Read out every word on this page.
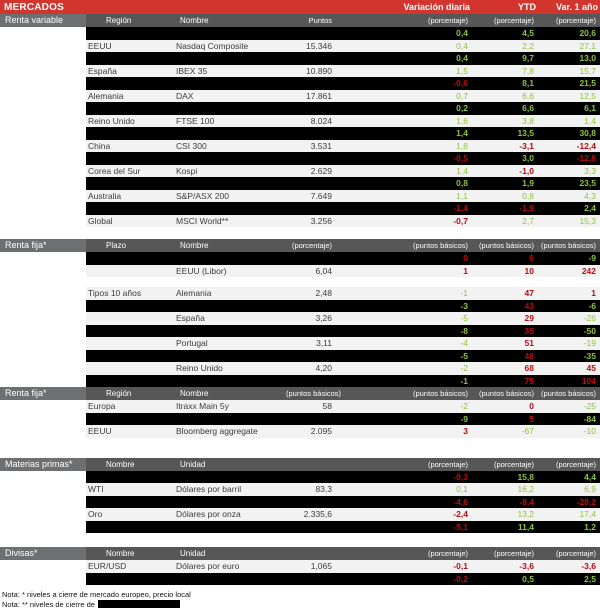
MERCADOS	Variación diaria	YTD	Var. 1 año
Renta variable	Región	Nombre	Puntos	(porcentaje)	(porcentaje)	(porcentaje)
0,4	4,5	20,6
EEUU	Nasdaq Composite	15.346	0,4	2,2	27,1
0,4	9,7	13,0
España	IBEX 35	10.890	1,5	7,8	15,7
-0,6	8,1	21,5
Alemania	DAX	17.861	0,7	6,6	12,5
0,2	6,6	6,1
Reino Unido	FTSE 100	8.024	1,6	3,8	1,4
1,4	13,5	30,8
China	CSI 300	3.531	1,8	-3,1	-12,4
-0,5	3,0	-12,8
Corea del Sur	Kospi	2.629	1,4	-1,0	3,3
0,8	1,9	23,5
Australia	S&P/ASX 200	7.649	1,1	0,8	4,3
-1,4	-1,9	2,4
Global	MSCI World**	3.256	-0,7	2,7	15,3
Renta fija*	Plazo	Nombre	(porcentaje)	(puntos básicos)	(puntos básicos) (puntos básicos)
0	6	-9
EEUU (Libor)	6,04	1	10	242
Tipos 10 años	Alemania	2,48	-1	47	1
-3	43	-6
España	3,26	-5	29	-26
-8	35	-50
Portugal	3,11	-4	51	-19
-5	48	-35
Reino Unido	4,20	-2	68	45
-1	75	104
Renta fija*	Región	Nombre	(puntos básicos)	(puntos básicos)	(puntos básicos) (puntos básicos)
Europa	Itraxx Main 5y	58	-2	0	-25
-9	5	-84
EEUU	Bloomberg aggregate	2.095	3	-67	-10
Materias primas*	Nombre	Unidad	(porcentaje)	(porcentaje)	(porcentaje)
-0,3	15,8	4,4
WTI	Dólares por barril	83,3	0,1	16,2	6,9
-4,6	-8,4	-28,2
Oro	Dólares por onza	2.335,6	-2,4	13,2	17,4
-5,1	11,4	1,2
Divisas*	Nombre	Unidad	(porcentaje)	(porcentaje)	(porcentaje)
EUR/USD	Dólares por euro	1,065	-0,1	-3,6	-3,6
-0,2	0,5	2,5
Nota: * niveles a cierre de mercado europeo, precio local
Nota: ** niveles de cierre de
